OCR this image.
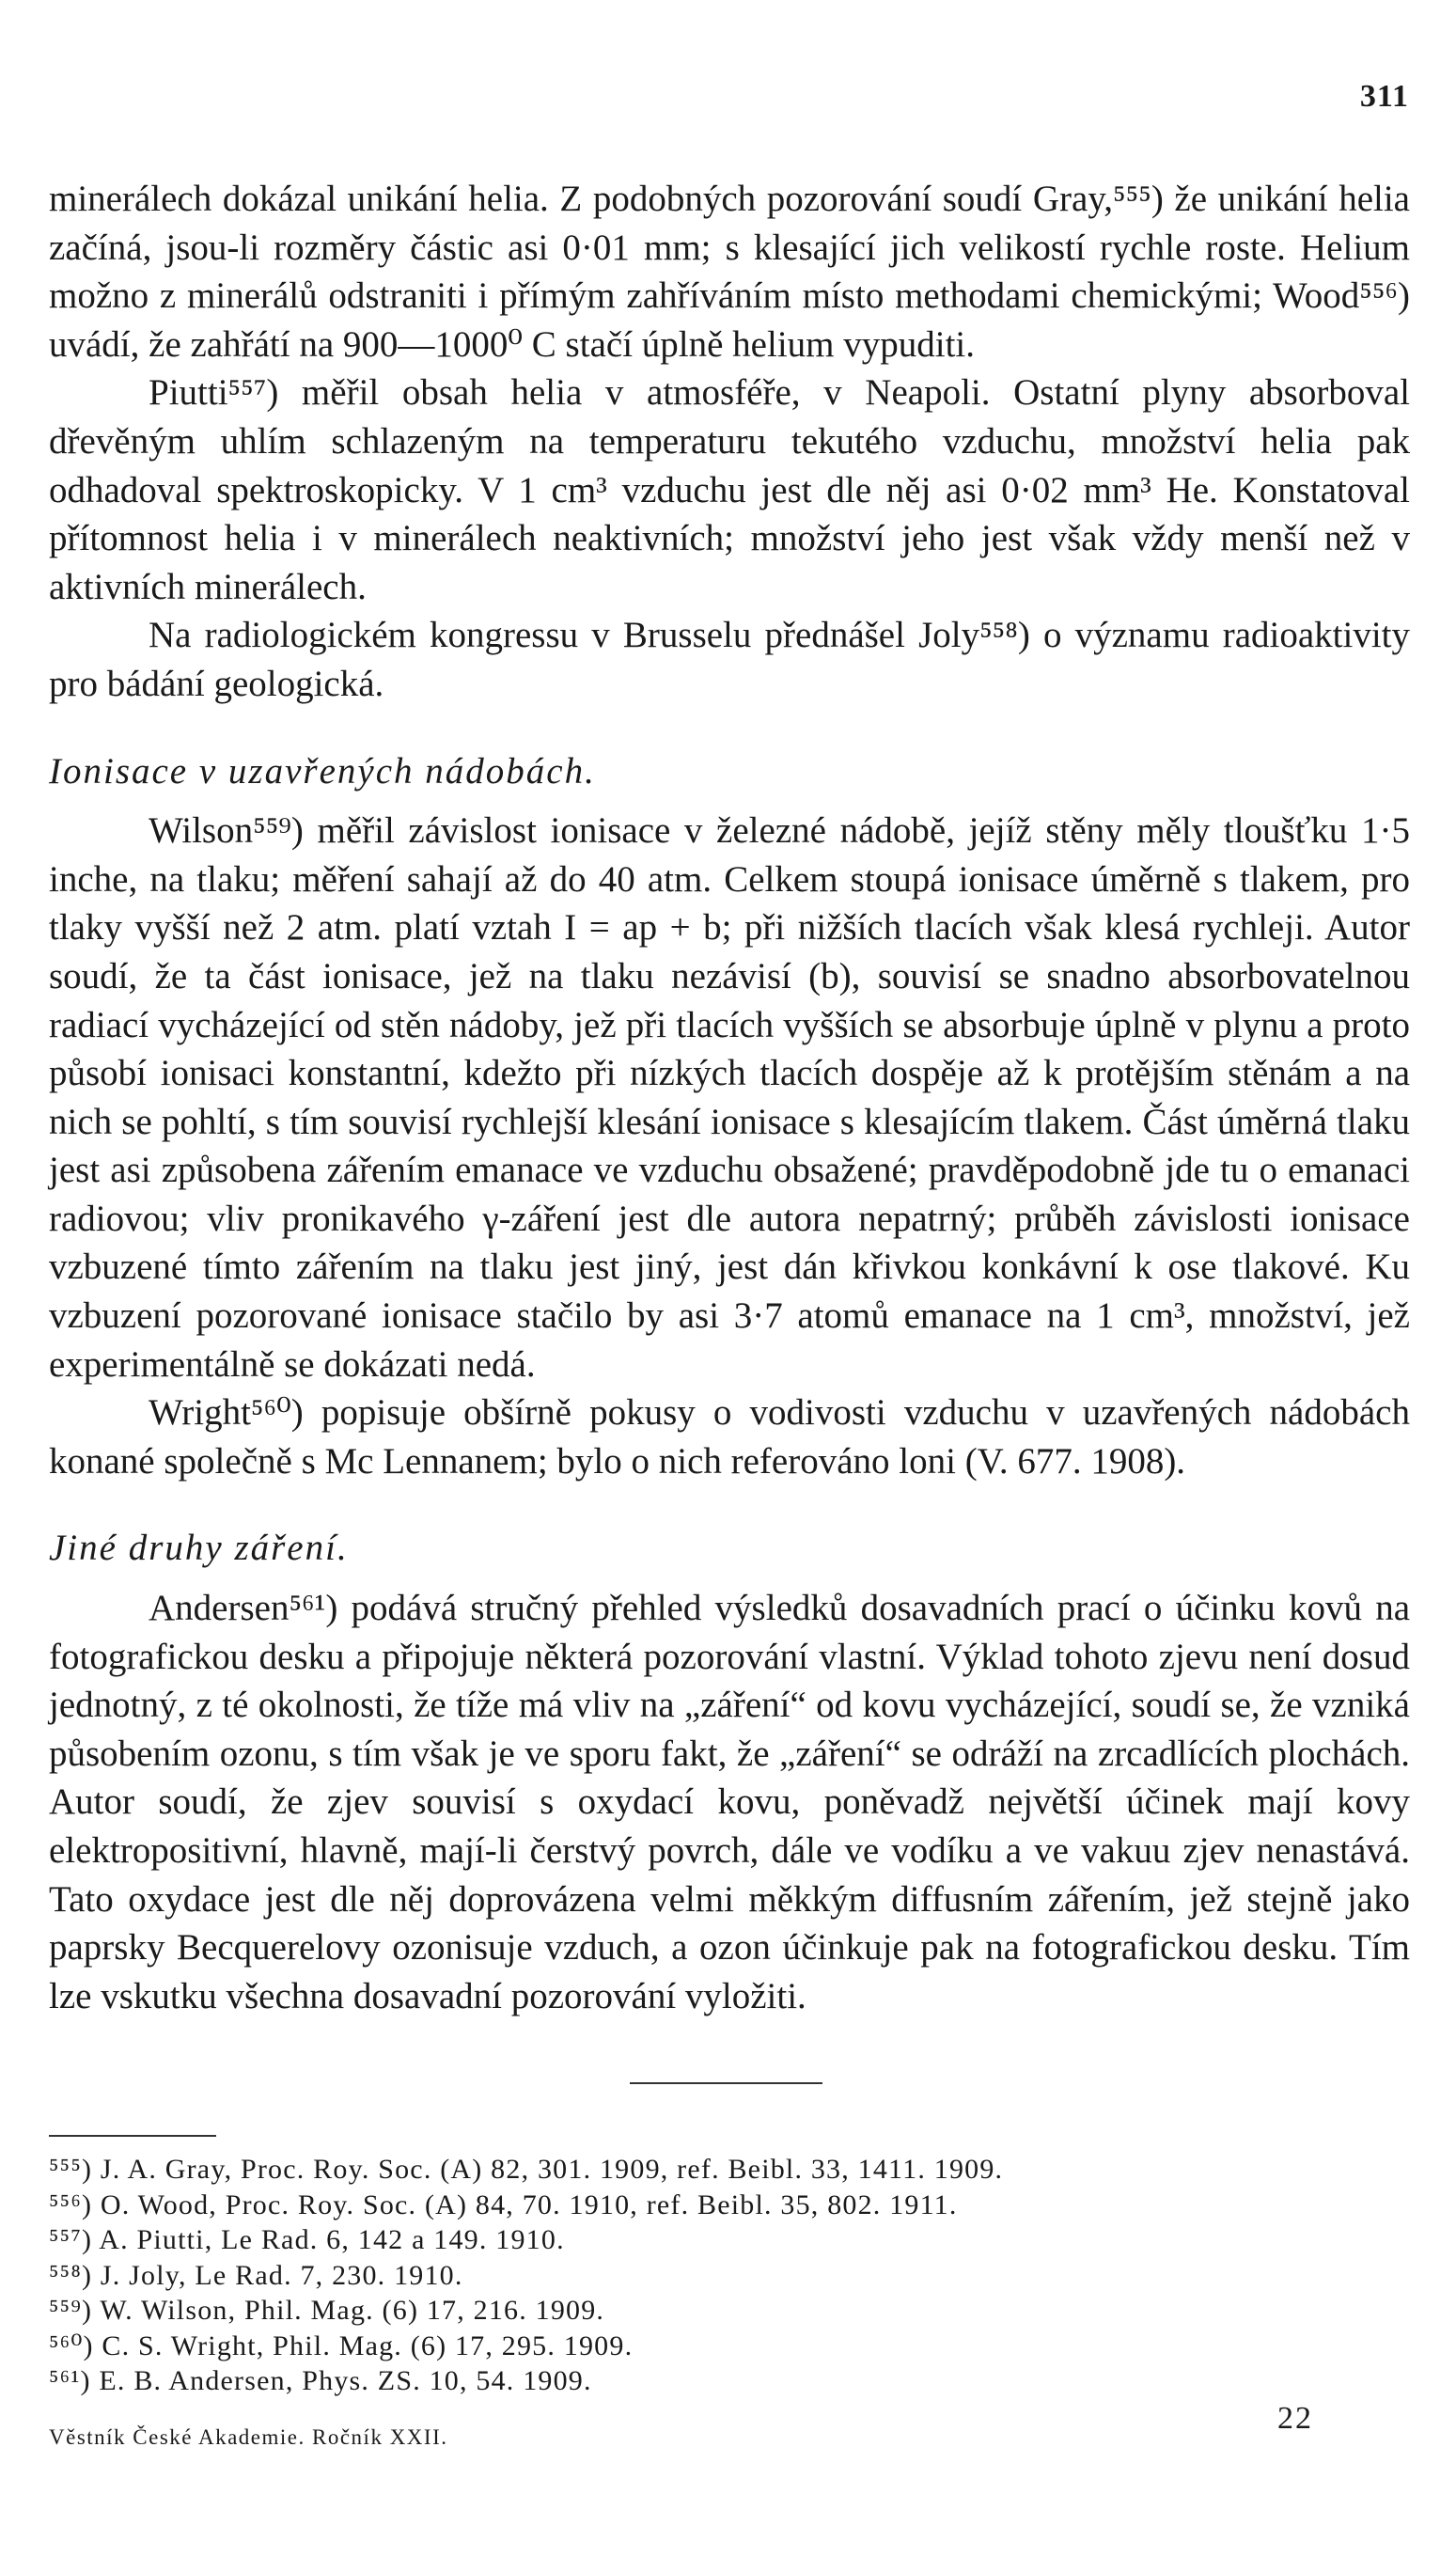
311

minerálech dokázal unikání helia. Z podobných pozorování soudí Gray,⁵⁵⁵) že unikání helia začíná, jsou-li rozměry částic asi 0·01 mm; s klesající jich velikostí rychle roste. Helium možno z minerálů odstraniti i přímým zahříváním místo methodami chemickými; Wood⁵⁵⁶) uvádí, že zahřátí na 900—1000⁰ C stačí úplně helium vypuditi.

Piutti⁵⁵⁷) měřil obsah helia v atmosféře, v Neapoli. Ostatní plyny absorboval dřevěným uhlím schlazeným na temperaturu tekutého vzduchu, množství helia pak odhadoval spektroskopicky. V 1 cm³ vzduchu jest dle něj asi 0·02 mm³ He. Konstatoval přítomnost helia i v minerálech neaktivních; množství jeho jest však vždy menší než v aktivních minerálech.

Na radiologickém kongressu v Brusselu přednášel Joly⁵⁵⁸) o významu radioaktivity pro bádání geologická.

Ionisace v uzavřených nádobách.

Wilson⁵⁵⁹) měřil závislost ionisace v železné nádobě, jejíž stěny měly tloušťku 1·5 inche, na tlaku; měření sahají až do 40 atm. Celkem stoupá ionisace úměrně s tlakem, pro tlaky vyšší než 2 atm. platí vztah I = ap + b; při nižších tlacích však klesá rychleji. Autor soudí, že ta část ionisace, jež na tlaku nezávisí (b), souvisí se snadno absorbovatelnou radiací vycházející od stěn nádoby, jež při tlacích vyšších se absorbuje úplně v plynu a proto působí ionisaci konstantní, kdežto při nízkých tlacích dospěje až k protějším stěnám a na nich se pohltí, s tím souvisí rychlejší klesání ionisace s klesajícím tlakem. Část úměrná tlaku jest asi způsobena zářením emanace ve vzduchu obsažené; pravděpodobně jde tu o emanaci radiovou; vliv pronikavého γ-záření jest dle autora nepatrný; průběh závislosti ionisace vzbuzené tímto zářením na tlaku jest jiný, jest dán křivkou konkávní k ose tlakové. Ku vzbuzení pozorované ionisace stačilo by asi 3·7 atomů emanace na 1 cm³, množství, jež experimentálně se dokázati nedá.

Wright⁵⁶⁰) popisuje obšírně pokusy o vodivosti vzduchu v uzavřených nádobách konané společně s Mc Lennanem; bylo o nich referováno loni (V. 677. 1908).

Jiné druhy záření.

Andersen⁵⁶¹) podává stručný přehled výsledků dosavadních prací o účinku kovů na fotografickou desku a připojuje některá pozorování vlastní. Výklad tohoto zjevu není dosud jednotný, z té okolnosti, že tíže má vliv na „záření“ od kovu vycházející, soudí se, že vzniká působením ozonu, s tím však je ve sporu fakt, že „záření“ se odráží na zrcadlících plochách. Autor soudí, že zjev souvisí s oxydací kovu, poněvadž největší účinek mají kovy elektropositivní, hlavně, mají-li čerstvý povrch, dále ve vodíku a ve vakuu zjev nenastává. Tato oxydace jest dle něj doprovázena velmi měkkým diffusním zářením, jež stejně jako paprsky Becquerelovy ozonisuje vzduch, a ozon účinkuje pak na fotografickou desku. Tím lze vskutku všechna dosavadní pozorování vyložiti.

⁵⁵⁵) J. A. Gray, Proc. Roy. Soc. (A) 82, 301. 1909, ref. Beibl. 33, 1411. 1909.
⁵⁵⁶) O. Wood, Proc. Roy. Soc. (A) 84, 70. 1910, ref. Beibl. 35, 802. 1911.
⁵⁵⁷) A. Piutti, Le Rad. 6, 142 a 149. 1910.
⁵⁵⁸) J. Joly, Le Rad. 7, 230. 1910.
⁵⁵⁹) W. Wilson, Phil. Mag. (6) 17, 216. 1909.
⁵⁶⁰) C. S. Wright, Phil. Mag. (6) 17, 295. 1909.
⁵⁶¹) E. B. Andersen, Phys. ZS. 10, 54. 1909.
Věstník České Akademie. Ročník XXII.
22
